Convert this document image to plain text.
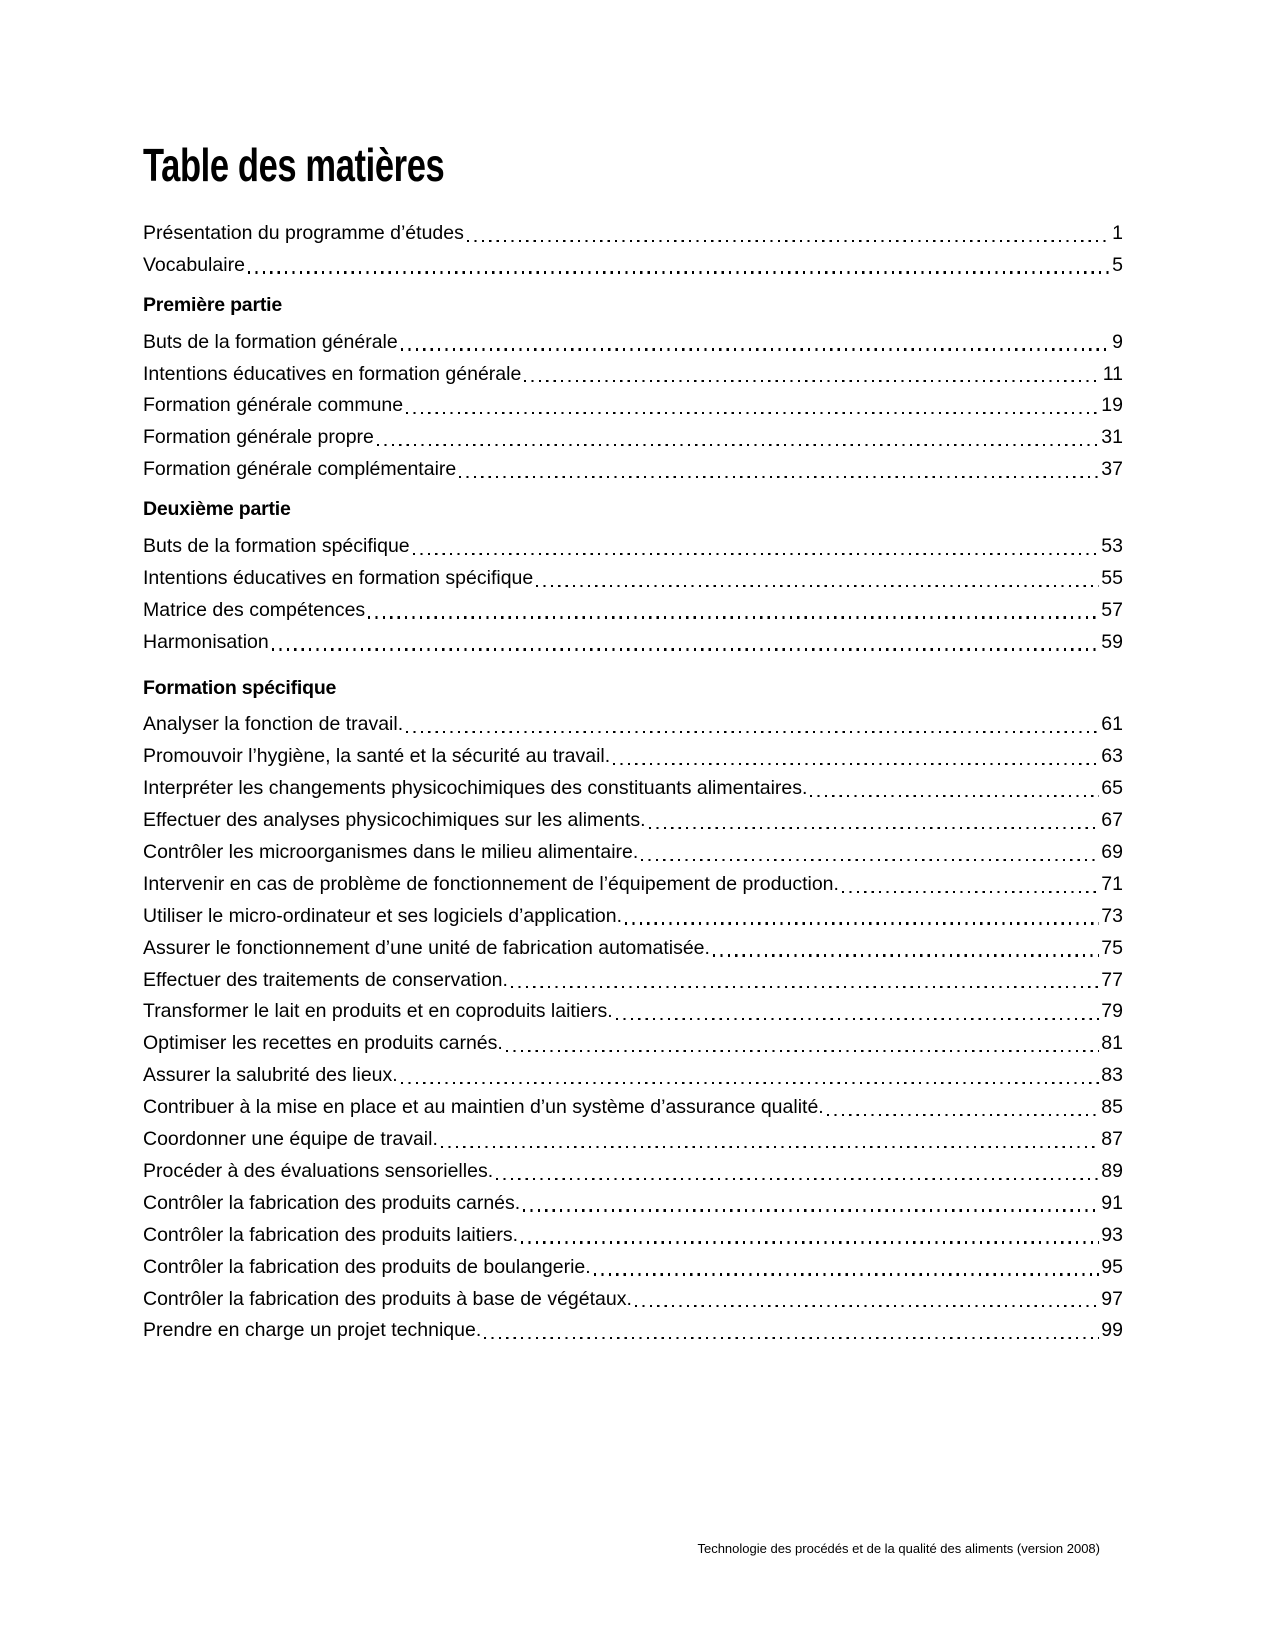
Table des matières
Présentation du programme d’études	1
Vocabulaire	5
Première partie
Buts de la formation générale	9
Intentions éducatives en formation générale	11
Formation générale commune	19
Formation générale propre	31
Formation générale complémentaire	37
Deuxième partie
Buts de la formation spécifique	53
Intentions éducatives en formation spécifique	55
Matrice des compétences	57
Harmonisation	59
Formation spécifique
Analyser la fonction de travail.	61
Promouvoir l’hygiène, la santé et la sécurité au travail.	63
Interpréter les changements physicochimiques des constituants alimentaires.	65
Effectuer des analyses physicochimiques sur les aliments.	67
Contrôler les microorganismes dans le milieu alimentaire.	69
Intervenir en cas de problème de fonctionnement de l’équipement de production.	71
Utiliser le micro-ordinateur et ses logiciels d’application.	73
Assurer le fonctionnement d’une unité de fabrication automatisée.	75
Effectuer des traitements de conservation.	77
Transformer le lait en produits et en coproduits laitiers.	79
Optimiser les recettes en produits carnés.	81
Assurer la salubrité des lieux.	83
Contribuer à la mise en place et au maintien d’un système d’assurance qualité.	85
Coordonner une équipe de travail.	87
Procéder à des évaluations sensorielles.	89
Contrôler la fabrication des produits carnés.	91
Contrôler la fabrication des produits laitiers.	93
Contrôler la fabrication des produits de boulangerie.	95
Contrôler la fabrication des produits à base de végétaux.	97
Prendre en charge un projet technique.	99
Technologie des procédés et de la qualité des aliments (version 2008)
